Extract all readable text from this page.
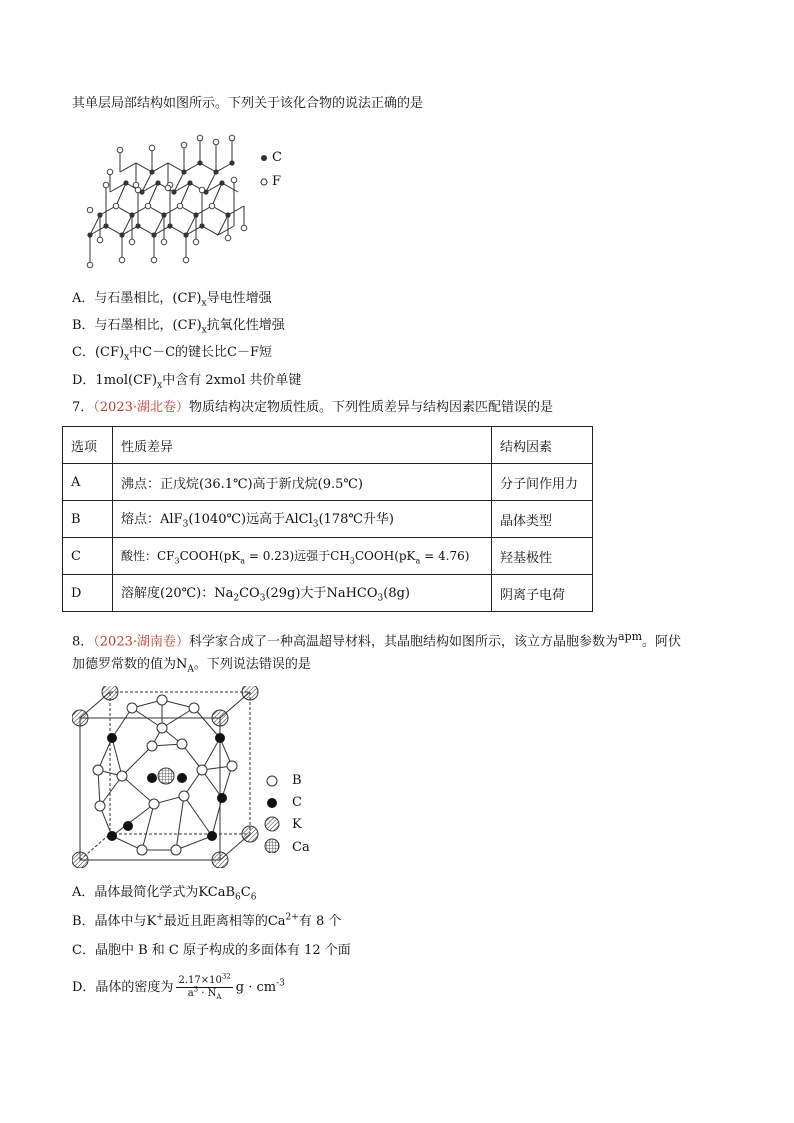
其单层局部结构如图所示。下列关于该化合物的说法正确的是
C
F
A．与石墨相比，$(CF)_x$导电性增强
B．与石墨相比，$(CF)_x$抗氧化性增强
C．$(CF)_x$中C－C的键长比C－F短
D．$1mol(CF)_x$中含有 2xmol 共价单键
7．（2023·湖北卷）物质结构决定物质性质。下列性质差异与结构因素匹配错误的是
选项	性质差异	结构因素
A	沸点：正戊烷(36.1℃)高于新戊烷(9.5℃)	分子间作用力
B	熔点：AlF$_3$(1040℃)远高于AlCl$_3$(178℃升华)	晶体类型
C	酸性：$CF_3COOH(pK_a = 0.23)$远强于$CH_3COOH(pK_a = 4.76)$	羟基极性
D	溶解度(20℃)：$Na_2CO_3(29g)$大于NaHCO$_3$(8g)	阴离子电荷
8．（2023·湖南卷）科学家合成了一种高温超导材料，其晶胞结构如图所示，该立方晶胞参数为$^{apm}$。阿伏
加德罗常数的值为$N_A$。下列说法错误的是
B
C
K
Ca
A．晶体最简化学式为$KCaB_6C_6$
B．晶体中与K+最近且距离相等的$Ca^{2+}$有 8 个
C．晶胞中 B 和 C 原子构成的多面体有 12 个面
D．晶体的密度为 $\frac{2.17\times 10^{32}}{a^3 \cdot N_A}$ $g \cdot cm^{-3}$
